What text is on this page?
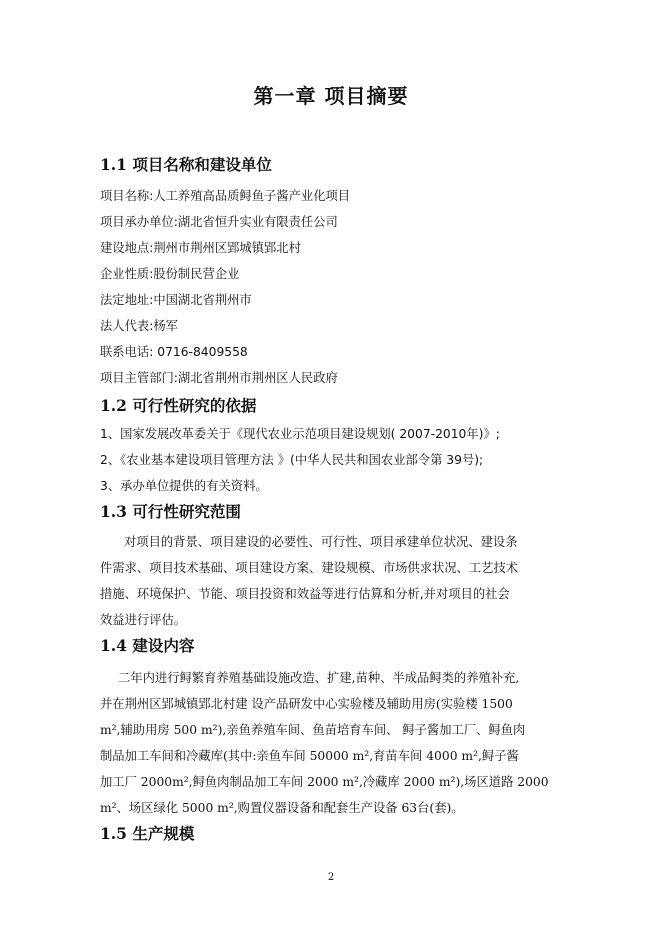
第一章 项目摘要
1.1 项目名称和建设单位
项目名称:人工养殖高品质鲟鱼子酱产业化项目
项目承办单位:湖北省恒升实业有限责任公司
建设地点:荆州市荆州区郢城镇郢北村
企业性质:股份制民营企业
法定地址:中国湖北省荆州市
法人代表:杨军
联系电话: 0716-8409558
项目主管部门:湖北省荆州市荆州区人民政府
1.2 可行性研究的依据
1、国家发展改革委关于《现代农业示范项目建设规划( 2007-2010年)》;
2、《农业基本建设项目管理方法 》(中华人民共和国农业部令第 39号);
3、承办单位提供的有关资料。
1.3 可行性研究范围
对项目的背景、项目建设的必要性、可行性、项目承建单位状况、建设条
件需求、项目技术基础、项目建设方案、建设规模、市场供求状况、工艺技术
措施、环境保护、节能、项目投资和效益等进行估算和分析,并对项目的社会
效益进行评估。
1.4 建设内容
二年内进行鲟繁育养殖基础设施改造、扩建,苗种、半成品鲟类的养殖补充,
并在荆州区郢城镇郢北村建 设产品研发中心实验楼及辅助用房(实验楼 1500
m²,辅助用房 500 m²),亲鱼养殖车间、鱼苗培育车间、 鲟子酱加工厂、鲟鱼肉
制品加工车间和冷藏库(其中:亲鱼车间 50000 m²,育苗车间 4000 m²,鲟子酱
加工厂 2000m²,鲟鱼肉制品加工车间 2000 m²,冷藏库 2000 m²),场区道路 2000
m²、场区绿化 5000 m²,购置仪器设备和配套生产设备 63台(套)。
1.5 生产规模
2
